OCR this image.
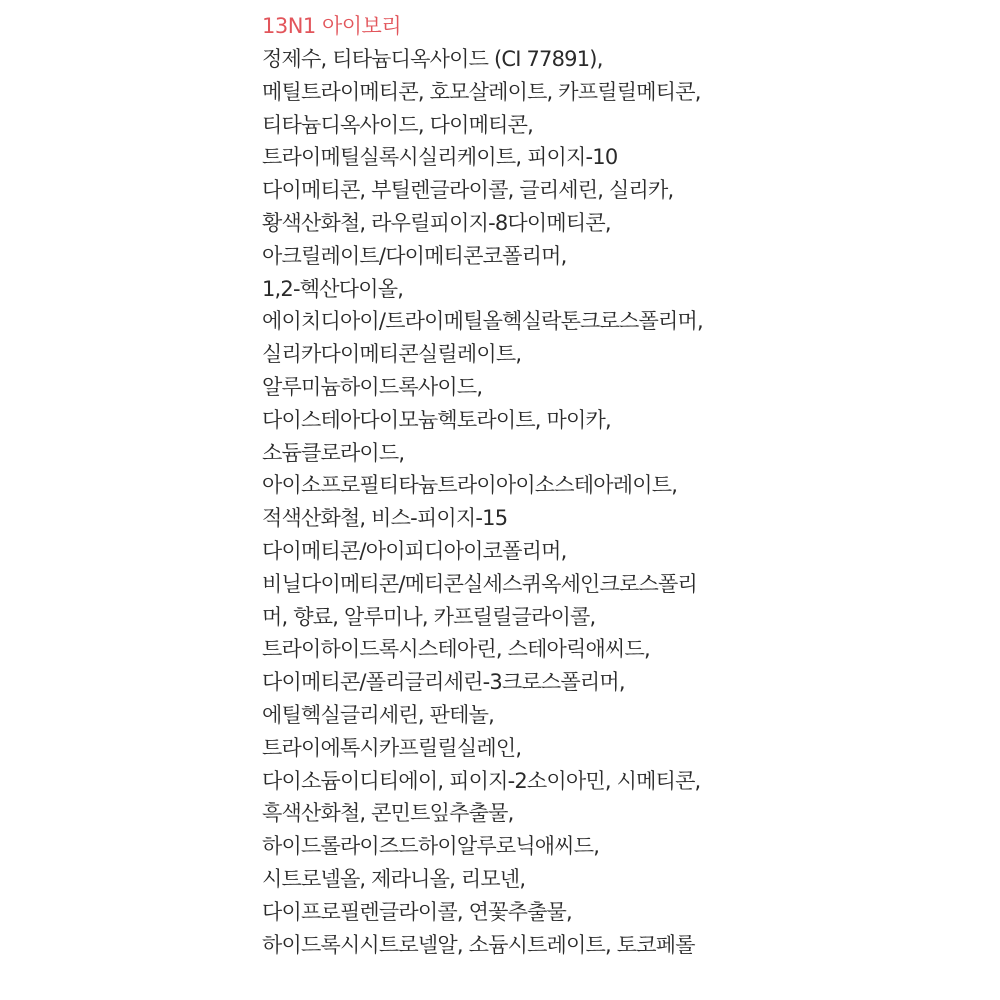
13N1 아이보리
정제수, 티타늄디옥사이드 (CI 77891),
메틸트라이메티콘, 호모살레이트, 카프릴릴메티콘,
티타늄디옥사이드, 다이메티콘,
트라이메틸실록시실리케이트, 피이지-10
다이메티콘, 부틸렌글라이콜, 글리세린, 실리카,
황색산화철, 라우릴피이지-8다이메티콘,
아크릴레이트/다이메티콘코폴리머,
1,2-헥산다이올,
에이치디아이/트라이메틸올헥실락톤크로스폴리머,
실리카다이메티콘실릴레이트,
알루미늄하이드록사이드,
다이스테아다이모늄헥토라이트, 마이카,
소듐클로라이드,
아이소프로필티타늄트라이아이소스테아레이트,
적색산화철, 비스-피이지-15
다이메티콘/아이피디아이코폴리머,
비닐다이메티콘/메티콘실세스퀴옥세인크로스폴리
머, 향료, 알루미나, 카프릴릴글라이콜,
트라이하이드록시스테아린, 스테아릭애씨드,
다이메티콘/폴리글리세린-3크로스폴리머,
에틸헥실글리세린, 판테놀,
트라이에톡시카프릴릴실레인,
다이소듐이디티에이, 피이지-2소이아민, 시메티콘,
흑색산화철, 콘민트잎추출물,
하이드롤라이즈드하이알루로닉애씨드,
시트로넬올, 제라니올, 리모넨,
다이프로필렌글라이콜, 연꽃추출물,
하이드록시시트로넬알, 소듐시트레이트, 토코페롤
